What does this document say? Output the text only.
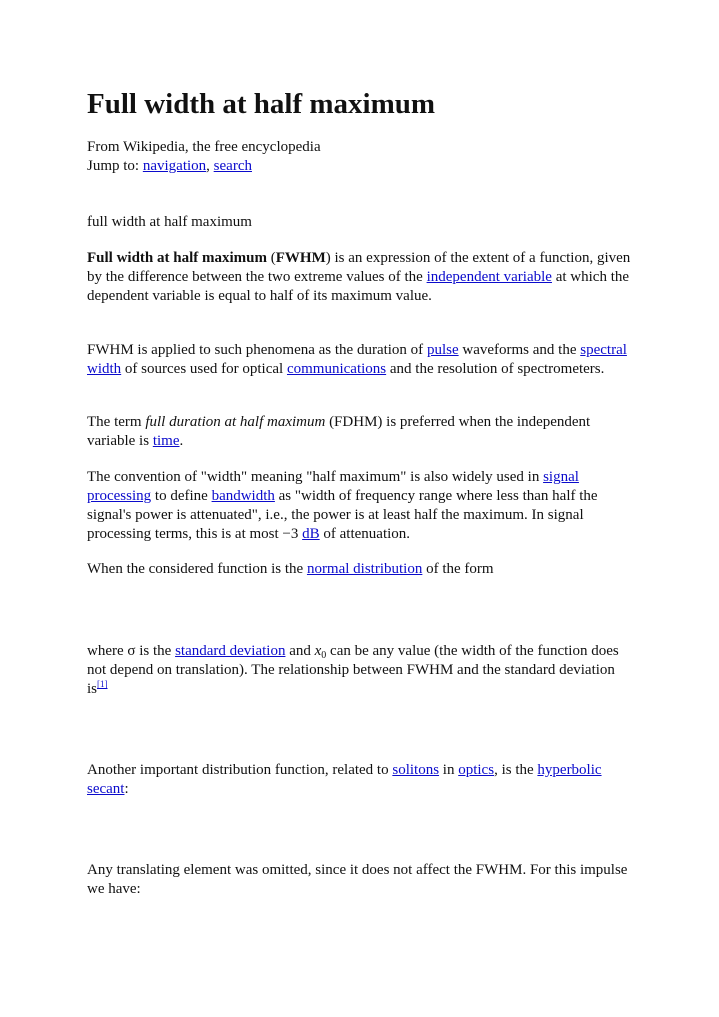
Full width at half maximum
From Wikipedia, the free encyclopedia
Jump to: navigation, search
full width at half maximum

Full width at half maximum (FWHM) is an expression of the extent of a function, given by the difference between the two extreme values of the independent variable at which the dependent variable is equal to half of its maximum value.

FWHM is applied to such phenomena as the duration of pulse waveforms and the spectral width of sources used for optical communications and the resolution of spectrometers.

The term full duration at half maximum (FDHM) is preferred when the independent variable is time.

The convention of "width" meaning "half maximum" is also widely used in signal processing to define bandwidth as "width of frequency range where less than half the signal's power is attenuated", i.e., the power is at least half the maximum. In signal processing terms, this is at most −3 dB of attenuation.

When the considered function is the normal distribution of the form

where σ is the standard deviation and $x_0$ can be any value (the width of the function does not depend on translation). The relationship between FWHM and the standard deviation is[1]

Another important distribution function, related to solitons in optics, is the hyperbolic secant:

Any translating element was omitted, since it does not affect the FWHM. For this impulse we have:
